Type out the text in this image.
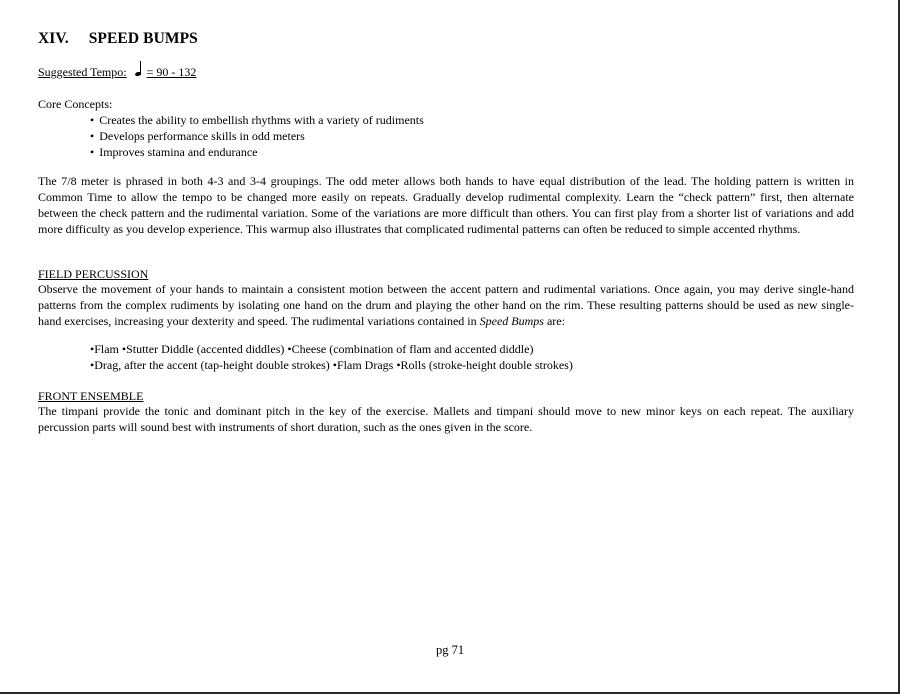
XIV. SPEED BUMPS
Suggested Tempo: = 90 - 132

Core Concepts:

• Creates the ability to embellish rhythms with a variety of rudiments
• Develops performance skills in odd meters
• Improves stamina and endurance

The 7/8 meter is phrased in both 4-3 and 3-4 groupings. The odd meter allows both hands to have equal distribution of the lead. The holding pattern is written in Common Time to allow the tempo to be changed more easily on repeats. Gradually develop rudimental complexity. Learn the “check pattern” first, then alternate between the check pattern and the rudimental variation. Some of the variations are more difficult than others. You can first play from a shorter list of variations and add more difficulty as you develop experience. This warmup also illustrates that complicated rudimental patterns can often be reduced to simple accented rhythms.

FIELD PERCUSSION

Observe the movement of your hands to maintain a consistent motion between the accent pattern and rudimental variations. Once again, you may derive single-hand patterns from the complex rudiments by isolating one hand on the drum and playing the other hand on the rim. These resulting patterns should be used as new single-hand exercises, increasing your dexterity and speed. The rudimental variations contained in Speed Bumps are:

• Flam • Stutter Diddle (accented diddles) • Cheese (combination of flam and accented diddle)
• Drag, after the accent (tap-height double strokes) • Flam Drags • Rolls (stroke-height double strokes)

FRONT ENSEMBLE

The timpani provide the tonic and dominant pitch in the key of the exercise. Mallets and timpani should move to new minor keys on each repeat. The auxiliary percussion parts will sound best with instruments of short duration, such as the ones given in the score.

pg 71
